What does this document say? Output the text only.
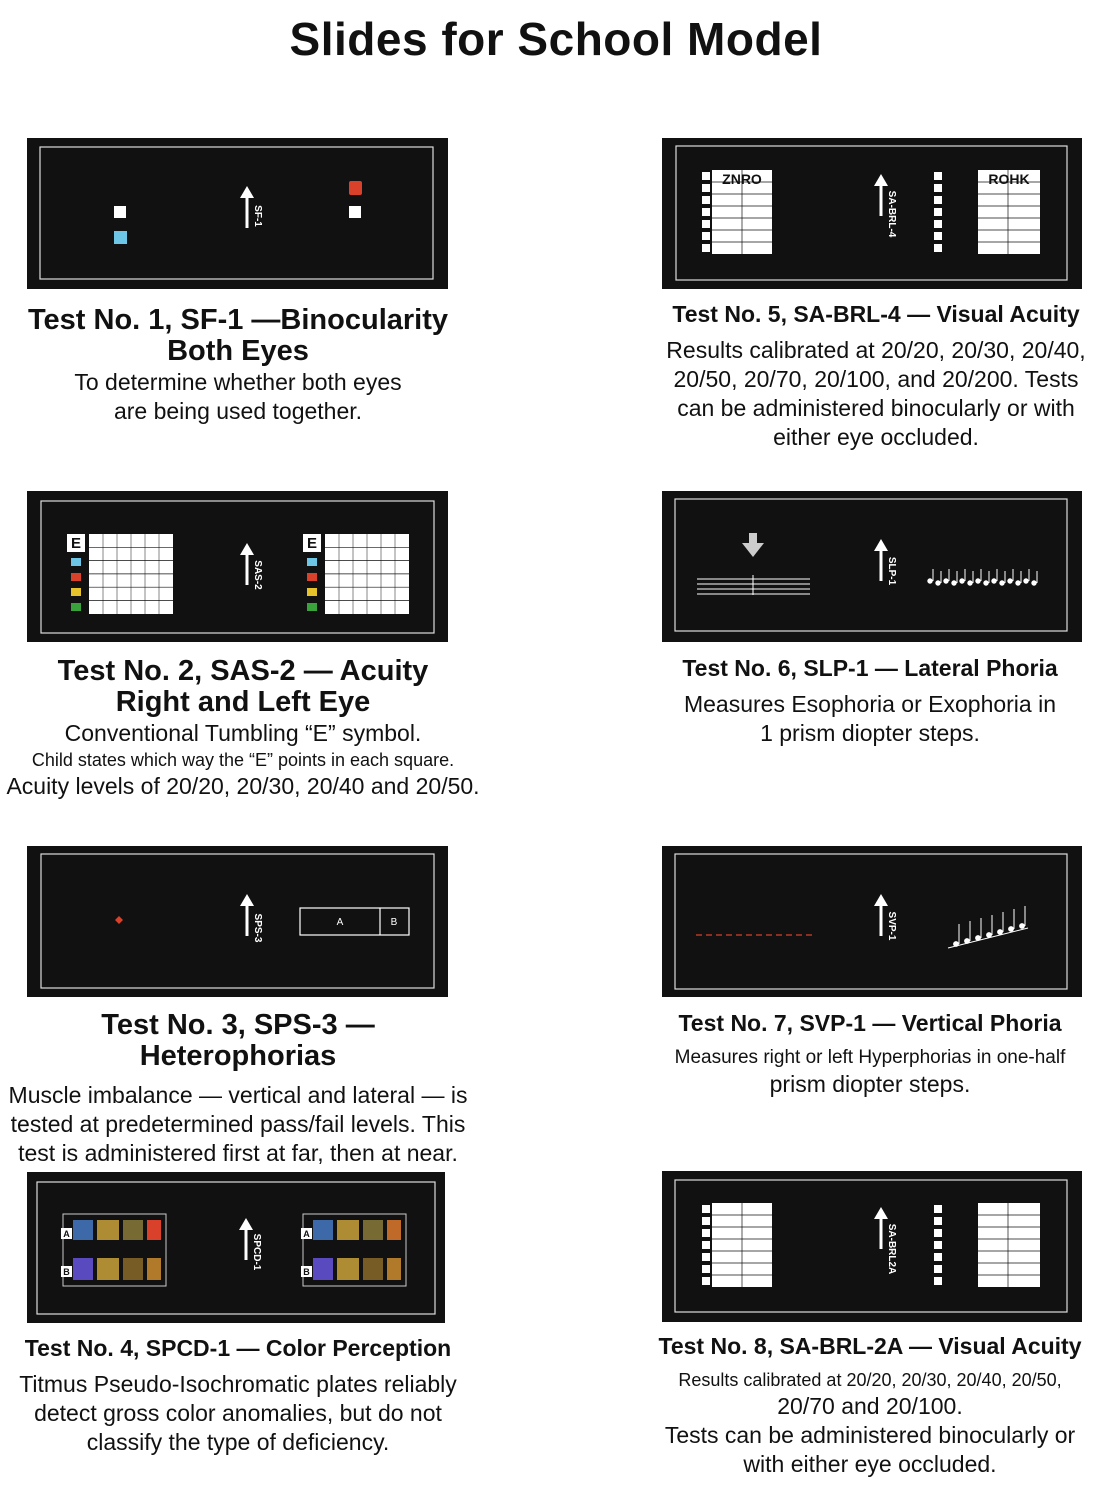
Slides for School Model
SF-1
Test No. 1, SF-1 —Binocularity
Both Eyes
To determine whether both eyes
are being used together.
E	E
SAS-2
Test No. 2, SAS-2 — Acuity
Right and Left Eye
Conventional Tumbling “E” symbol.
Child states which way the “E” points in each square.
Acuity levels of 20/20, 20/30, 20/40 and 20/50.
SPS-3	A	B
Test No. 3, SPS-3 — Heterophorias
Muscle imbalance — vertical and lateral — is
tested at predetermined pass/fail levels. This
test is administered first at far, then at near.
A
B
A
B
SPCD-1
Test No. 4, SPCD-1 — Color Perception
Titmus Pseudo-Isochromatic plates reliably
detect gross color anomalies, but do not
classify the type of deficiency.
ZNRO	ROHK
SA-BRL-4
Test No. 5, SA-BRL-4 — Visual Acuity
Results calibrated at 20/20, 20/30, 20/40,
20/50, 20/70, 20/100, and 20/200. Tests
can be administered binocularly or with
either eye occluded.
SLP-1
Test No. 6, SLP-1 — Lateral Phoria
Measures Esophoria or Exophoria in
1 prism diopter steps.
SVP-1
Test No. 7, SVP-1 — Vertical Phoria
Measures right or left Hyperphorias in one-half
prism diopter steps.
SA-BRL2A
Test No. 8, SA-BRL-2A — Visual Acuity
Results calibrated at 20/20, 20/30, 20/40, 20/50,
20/70 and 20/100.
Tests can be administered binocularly or
with either eye occluded.
